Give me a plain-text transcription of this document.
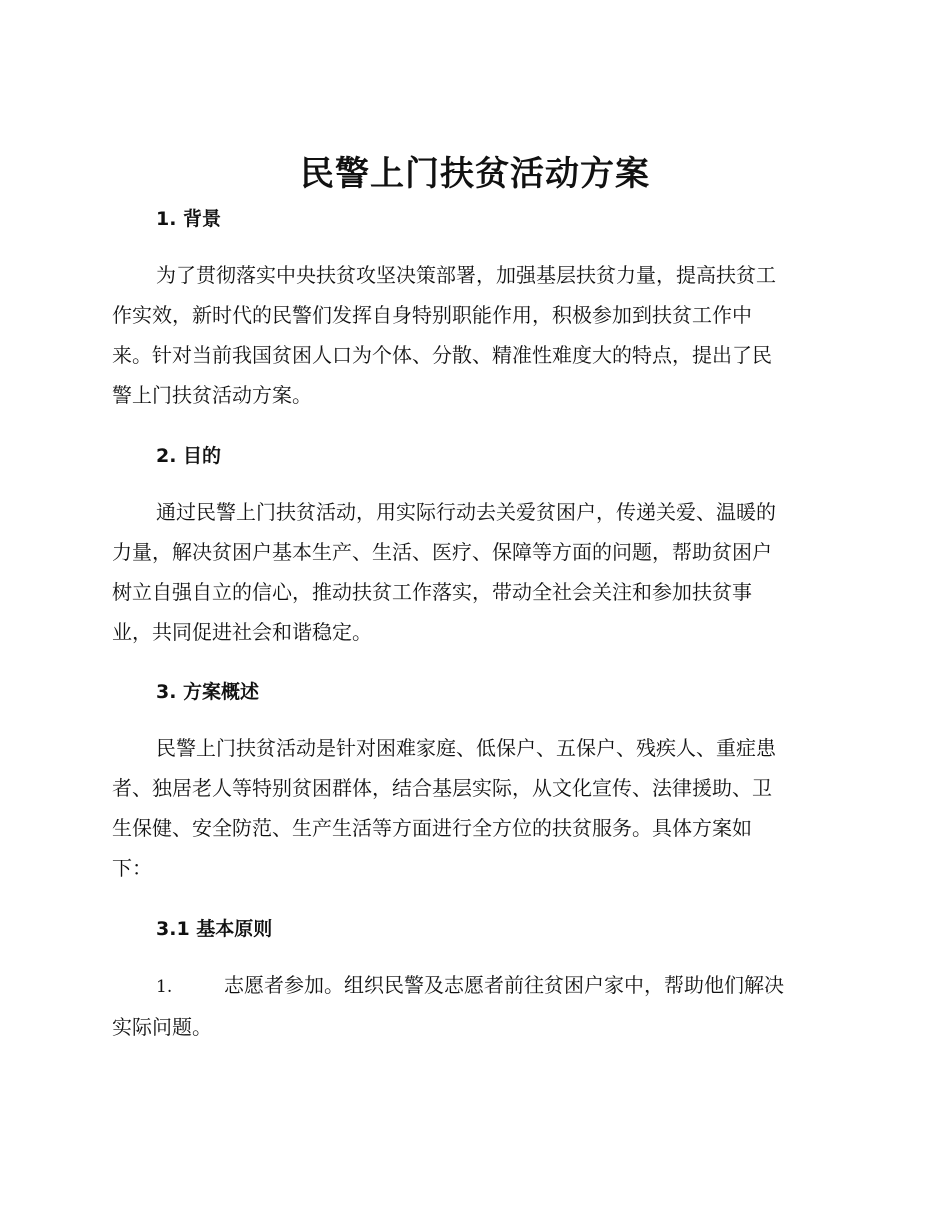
民警上门扶贫活动方案
1. 背景

为了贯彻落实中央扶贫攻坚决策部署，加强基层扶贫力量，提高扶贫工
作实效，新时代的民警们发挥自身特别职能作用，积极参加到扶贫工作中
来。针对当前我国贫困人口为个体、分散、精准性难度大的特点，提出了民
警上门扶贫活动方案。

2. 目的

通过民警上门扶贫活动，用实际行动去关爱贫困户，传递关爱、温暖的
力量，解决贫困户基本生产、生活、医疗、保障等方面的问题，帮助贫困户
树立自强自立的信心，推动扶贫工作落实，带动全社会关注和参加扶贫事
业，共同促进社会和谐稳定。

3. 方案概述

民警上门扶贫活动是针对困难家庭、低保户、五保户、残疾人、重症患
者、独居老人等特别贫困群体，结合基层实际，从文化宣传、法律援助、卫
生保健、安全防范、生产生活等方面进行全方位的扶贫服务。具体方案如
下：

3.1 基本原则
1.	志愿者参加。组织民警及志愿者前往贫困户家中，帮助他们解决
实际问题。
